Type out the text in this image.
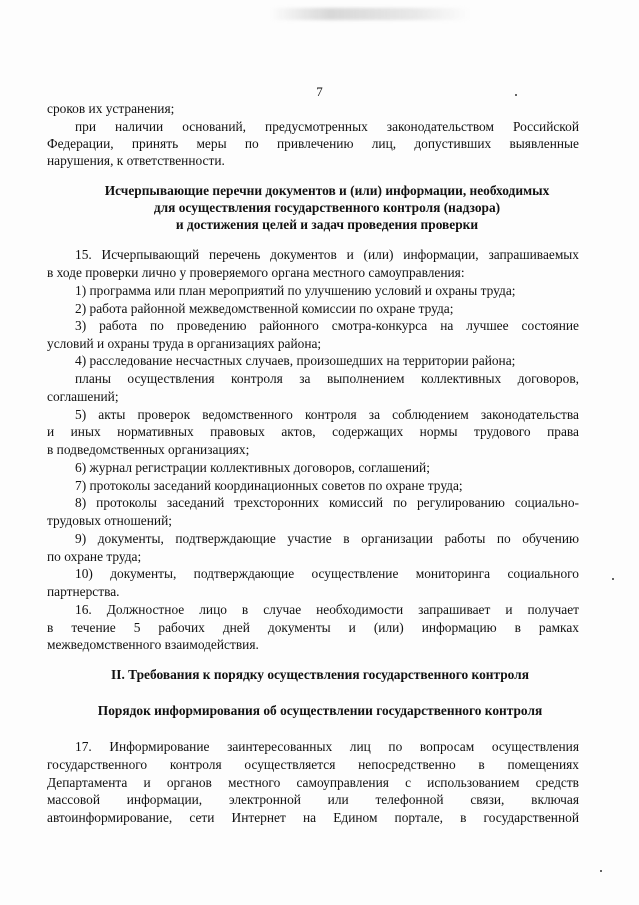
7

сроков их устранения;

при наличии оснований, предусмотренных законодательством Российской

Федерации, принять меры по привлечению лиц, допустивших выявленные

нарушения, к ответственности.

Исчерпывающие перечни документов и (или) информации, необходимых

для осуществления государственного контроля (надзора)

и достижения целей и задач проведения проверки

15. Исчерпывающий перечень документов и (или) информации, запрашиваемых

в ходе проверки лично у проверяемого органа местного самоуправления:

1) программа или план мероприятий по улучшению условий и охраны труда;

2) работа районной межведомственной комиссии по охране труда;

3) работа по проведению районного смотра-конкурса на лучшее состояние

условий и охраны труда в организациях района;

4) расследование несчастных случаев, произошедших на территории района;

планы осуществления контроля за выполнением коллективных договоров,

соглашений;

5) акты проверок ведомственного контроля за соблюдением законодательства

и иных нормативных правовых актов, содержащих нормы трудового права

в подведомственных организациях;

6) журнал регистрации коллективных договоров, соглашений;

7) протоколы заседаний координационных советов по охране труда;

8) протоколы заседаний трехсторонних комиссий по регулированию социально-

трудовых отношений;

9) документы, подтверждающие участие в организации работы по обучению

по охране труда;

10) документы, подтверждающие осуществление мониторинга социального

партнерства.

16. Должностное лицо в случае необходимости запрашивает и получает

в течение 5 рабочих дней документы и (или) информацию в рамках

межведомственного взаимодействия.

II. Требования к порядку осуществления государственного контроля

Порядок информирования об осуществлении государственного контроля

17. Информирование заинтересованных лиц по вопросам осуществления

государственного контроля осуществляется непосредственно в помещениях

Департамента и органов местного самоуправления с использованием средств

массовой информации, электронной или телефонной связи, включая

автоинформирование, сети Интернет на Едином портале, в государственной
